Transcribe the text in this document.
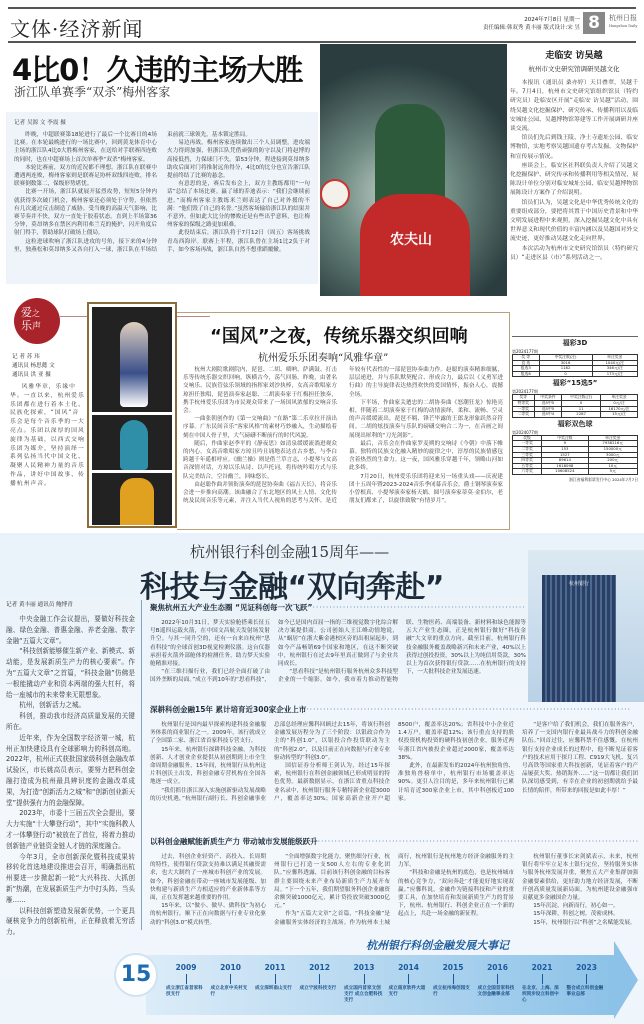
文体·经济新闻	2024年7月8日 星期一
责任编辑:韩双秀 黄丰丽 版式设计:宋 昱 8	杭州日报
Hangzhou Daily
4比0！久违的主场大胜
浙江队单赛季“双杀”梅州客家
记者 吴源 文 李震 摄

昨晚，中超联赛第18轮进行了最后一个比赛日的4场比赛。在本轮最晚进行的一场比赛中，回到黄龙体育中心主场的浙江队4比0大胜梅州客家，在送给对手联赛四连败的同时，也在中超赛场上首次单赛季“双杀”梅州客家。

本轮比赛前，双方的近况都不理想。浙江队在联赛中遭遇两连败，梅州客家则是联赛足协杯双线四连败，排名联赛倒数第二，保级形势堪忧。

比赛一开场，浙江队就展开猛烈攻势，短短5分钟内就获得多次破门机会，梅州客家还必须处于守势，但依然有几次通过反击制造了威胁。受当晚的高温天气影响，比赛节奏并不快，双方一直处于胶着状态。直到上半场第36分钟，莫昂纳多在禁区内利用弗兰克的掩护，闪开角度后射门得手，帮助球队打破场上僵局。

这粒进球吹响了浙江队进攻的号角，接下来的4分钟里，独燕松和莫昂纳多又各自打入一球，浙江队在半场结束前就三球领先，基本锁定胜局。

易边再战，梅州客家连续做出三个人员调整，进攻端火力得到加强，但浙江队凭借顽强的防守以及门将赵博的高接低挡，力保球门不失。第53分钟，程进接到莫昂纳多助攻后面对门将推射远角得分，4比0的比分也宣告浙江队提前终结了比赛的悬念。

有意思的是，赛后发布会上，双方主教练都用“一句话”总结了本场比赛。赢了球的乔迪表示：“我们会继续前进。”而梅州客家主教练米兰则表达了自己对外援的不满：“他们毁了自己的名誉。”虽然客场输给浙江队的结果并不意外，但如此大比分的惨败还是有些出乎意料，也让梅州客家的保级之路更加艰难。

此役结束后，浙江队将于7月12日（周五）客场挑战青岛西海岸。联赛上半程，浙江队曾在主场1比2负于对手，如今客场再战，浙江队自然不想重蹈覆辙。

农夫山
走临安 访吴越
杭州市文史研究馆调研吴越文化

本报讯（通讯员 桑亦婷）天目叠翠，吴越千年。7月4日，杭州市文史研究馆组织馆员（特约研究员）赴临安区开展“走临安 访吴越”活动，围绕吴越文化挖掘保护、研究传承、传播利用以及临安城址公园、吴越博物馆筹建等工作开展调研并座谈交流。

馆员们先后到钱王陵、净土寺遗址公园、临安博物馆，实地考察吴越国遗存考古发掘、文物保护和宣传展示情况。

座谈会上，临安区社科联负责人介绍了吴越文化挖掘保护、研究传承和传播利用等相关情况，展陈设计单位分别对临安城址公园、临安吴越博物馆展陈设计方案作了介绍说明。

馆员们认为，吴越文化是中华优秀传统文化的重要组成部分，要把将其置于中国历史背景和中华文明发展进程中来观照，深入挖掘吴越文化中具有世界意义和现代价值的丰富内涵以及吴越国对外交流史迹，更好推动吴越文化走向世界。

本次活动为杭州市文史研究馆馆员（特约研究员）“走进区县（市）”系列活动之一。

福彩3D
第2024177期
奖 等	中奖注数(注)	单注奖金
直 选	3016	1040元/注
组选3	1182	346元/注
组选6	0	173元/注
福彩“15选5”
第2024177期
奖等	中奖条件	中奖注数(注)	单注奖金
特等奖	选5中5	0	0元/注
一等奖	选5中5	11	16170元/注
二等奖	选5中4	2287	15元/注
福彩双色球
第2024077期
奖级	中奖注数	单注奖金
一等奖	9	7938216元
二等奖	153	150000元
三等奖	1527	3000元
四等奖	89614	200元
五等奖	1618098	10元
六等奖	10608524	5元
浙江省福利彩票发行中心 2024年7月7日
爱之
乐声
记 者 苏 玮
通讯员 杨思懿 文
通讯员 洪 亚 摄

风雅华章，乐缘中华。一直以来，杭州爱乐乐团都在进行着本土化、民族化探索，“国风”音乐会是每个音乐季的一大亮点。乐团以深厚的国风旋律为基础，以西式交响乐团为媒介，坚持演绎一系列弘扬当代中国文化、凝聚人民精神力量的音乐作品，讲好中国故事、传播杭州声音。

“国风”之夜，传统乐器交织回响
杭州爱乐乐团奏响“风雅华章”

杭州大剧院歌剧院内，琵琶、二胡、唢呐、萨满鼓、打击乐等传统乐器交织回响，纵横古今，荡气回肠。昨晚，由著名交响乐、民族管弦乐领域的指挥家刘沙执棒，女高音歌唱家方琼担任独唱，琵琶演奏家赵聪、二胡演奏家于红梅担任独奏，携手杭州爱乐乐团为市民观众带来了一场国风浓郁的交响音乐会。

一曲张朝创作的《第一交响曲》“在路”第二乐章拉开演出序幕。广东民间音乐“客家风格”的素材巧妙融入，生动描绘着刻在中国人骨子里，大气磅礴不断前行的时代风貌。

随后，作曲家赵季平的《静夜思》如清泉缓缓流淌进观众的内心。女高音歌唱家方琼且吟且诵地表达直古乡愁，与李白跨越千年遥相呼应。《幽兰操》则是借兰草言志，小提琴与女高音深情对话，方琼以乐从诗、以声托词，将传统吟唱方式与乐队完美结合，空谷幽兰，回味悠长。

由赵聪作曲并领衔演奏的琵琶协奏曲《福吉天长》，将音乐会进一步推向高潮。该曲融合了东北地区的风土人情、文化传统及民间音乐等元素，并注入当代人视角的思考与关怀，是近年较有代表性的一部琵琶协奏曲力作。赵聪的演奏精准细腻，层层递进，并与乐队默契配合、形成合力，最后以《义勇军进行曲》的主导旋律表达热烈欢快的爱国情怀，振奋人心，震撼全场。

下半场，作曲家关廼忠的二胡协奏曲《怒潮狂龙》惊艳亮相。伴随着二胡演奏家于红梅的动情演绎，柔和、流畅、空灵的声音缓缓流出，琵琶不羁、锋芒毕露的王郎龙形象跃然音符间。二胡的炫技演奏与乐队的磅礴交响合二为一，在音画之间展现出犀利的“刀光剑影”。

最后，音乐会在作曲家罗麦朔的交响诗《今朝》中落下帷幕。独特的民族文化融入精妙的旋律之中，淳厚的民族情感包含着热烈的生命力。这一夜，国风雅乐穿越千年，领略山河如此多娇。

7月20日，杭州爱乐乐团将迎来另一场重头戏——庆祝建团十五周年暨2023-2024音乐季闭幕音乐会。爵士钢琴演奏家小曽根真、小提琴演奏家杨天娲、圆号演奏家蒂莫·金伯尔，老朋友们都来了，以旋律致敬“有情岁月”。

杭州银行科创金融15周年——
科技与金融“双向奔赴”	杭州银行
记者 黄丰丽 通讯员 鲍博青

中央金融工作会议提出，要做好科技金融、绿色金融、普惠金融、养老金融、数字金融“五篇大文章”。

“科技创新能够催生新产业、新模式、新动能，是发展新质生产力的核心要素”。作为“五篇大文章”之首篇，“科技金融”仿佛是一根能撬动产业和资本两端的强大杠杆，将给一座城市的未来带来无限想象。

杭州，创新活力之城。

科创，推动我市经济高质量发展的关键所在。

近年来，作为全国数字经济第一城，杭州正加快建设具有全球影响力的科创高地。2022年，杭州正式获批国家级科创金融改革试验区，市长姚高员表示，要努力把科创金融打造成为杭州最具辨识度的金融改革成果，为打造“创新活力之城”和“创新创业新天堂”提供强有力的金融保障。

2023年，市委十三届五次全会提出，要大力实施“十大攀登行动”，其中“实施科教人才一体攀登行动”被放在了首位，将着力推动创新链产业链资金链人才链的深度融合。

今年3月，全市创新深化暨科技成果转移转化首选地建设推进会召开，明确指出杭州要进一步掀起新一轮“大兴科技、大抓创新”热潮，在发展新质生产力中打头阵、当头雁……

以科技创新塑造发展新优势，一个更具硬核竞争力的创新杭州，正在释放着无穷活力。

聚焦杭州五大产业生态圈 “见证科创每一次飞跃” ·····

2022年10月31日，梦天实验舱搭乘长征五号B遥四运载火箭，在中国文昌航天发射场发射升空。与其一同升空的，还有一台来自杭州“思看科技”的全球首创3D视觉检测仪器。这台仪器承担着火箭外部舱体的检测任务，助力梦天实验舱精准对接。

“在三维扫描行业，我们已经全面打破了由国外垄断的局面。”成立不到10年的“思看科技”，如今已是国内首屈一指的三维视觉数字化综合解决方案提供商。公司创始人王江峰动情地说，从“蜗居”在浙大紫金港校区旁的出租屋起步，到如今产品畅销69个国家和地区，在这不断突破中，杭州银行在过去9年里真正做到了与企业共同成长。

“思看科技”是杭州银行服务杭州众多科技型企业的一个缩影。如今，我市着力推动智能物联、生物医药、高端装备、新材料和绿色能源等五大产业生态圈，正是杭州银行做好“科技金融”大文章的重点方向。截至目前，杭州银行科技金融服务覆盖战略新兴和未来产业，40%以上获得过创投投资，30%以上为纯信用贷款，30%以上为首次获得银行贷款……在杭州银行的支持下，一大批科技企业发展迅速。

深耕科创金融15年 累计培育近300家企业上市 ·····

杭州银行是国内最早探索构建科技金融服务体系的商业银行之一。2009年，该行就成立了全国第二家、浙江省首家科技专营支行。

15年来，杭州银行深耕科技金融，为科技创新、人才创业企业提供从初创期到上市全生命周期金融服务。15年间，杭州银行从杭州这片科创沃土出发，科创金融专营机构在全国各地逐一成立。

“我们抓住浙江深入实施创新驱动发展战略的历史机遇，”杭州银行副行长、科创金融事业总部总经理应馨科回顾过去15年，将该行科创金融发展历程分为了三个阶段：以银政合作为主的“科创1.0”，以银投合作投贷联动为主的“科创2.0”，以及目前正在向数据与行业专业驱动转型的“科创3.0”。

国信证券分析师王剑认为，经过15年探索，杭州银行在科创金融领域已形成明显的特色优势。最新数据显示，在浙江省重点科技企业名录中，杭州银行服务专精特新企业超3000户，覆盖率达30%；国家高新企业开户超8500户，覆盖率达20%；省科技中小企业近1.4万户，覆盖率超12%；该行重点支持的股权投资机构投资的硬科技初创企业，服务近两年浙江省内被投企业超过2000家，覆盖率达38%。

此外，在最新发布的2024年杭州独角兽、准独角兽榜单中，杭州银行市场覆盖率达90%。更引人注目的是，多年来杭州银行已累计培育近300家企业上市，其中科创板近100家。

“是客户给了我们机会，我们在服务客户，培养了一支国内银行业最具战斗力的科创金融队伍。”回首过往，应馨科禁不住感慨。在杭州银行支持企业成长的过程中，他不断见证着客户的技术应用于探月工程、C919大飞机、复兴号高铁等国家重大科技创新，见证着客户的产品屡获大奖、热销海外……“这一切都让我们团队深切感受到，有幸在企业的初创期就给予最长情的陪伴，所带来的回报是如此丰厚！”

以科创金融赋能新质生产力 带动城市发展能级跃升 ·····

过去，科创企业轻资产、高投入、长周期的特性，使得银行贷款支持难以满足其融资需求，也大大制约了一座城市科创产业的发展。如今，科创金融在带动一座城市发展能级、加快构建与新质生产力相适应的产业新体系等方面，正在发挥越来越重要的作用。

15年来，以“做小、做早、做科技”为初心的杭州银行，顺下正在向数据与行业专业化驱动的“科创3.0”模式转型。

“全面增强数字化能力，聚焦细分行业，杭州银行已打造一支500人左右的专业化团队。”应馨科透露，目前该行科创金融的目标客群主要围绕未来产业布局新质生产力展开布局。“下一个五年，我们期望服务科创企业融资余额突破1000亿元，累计贷投放突破3000亿元。”

作为“五篇大文章”之首篇，“科技金融”是金融服务实体经济的主战场。作为杭州本土城商行，杭州银行是杭州地方经济金融服务的主力军。

“科技和金融是杭州的底色，也是杭州城市的核心竞争力，‘双向奔赴’才能更好地实现双赢。”应馨科说，金融作为链接科技和产业的重要工具，在加快培育和发展新质生产力的背景下，杭州、杭州银行、科创企业正在一个新的起点上，共赴一场金融的新征程。

杭州银行董事长宋剑斌表示，未来，杭州银行将牢牢立足本土银行定位，坚持服务实体与服务杭州发展并重，聚焦五大产业集群加强金融要素供给，更好助力地方经济发展，不断开创高质量发展新局面，为杭州建设金融强市贡献更多金融国企力量。

15年沉淀，向新而行，初心如一。

15年深耕，科创之树，茂密成林。

15年，杭州银行以“科创”之名赋能发展。

杭州银行科创金融发展大事记
15	2009
成立浙江省首家科技支行
2010
成立北京中关村支行
2011
成立深圳南山支行
2012
成立宁波科技支行
2013
成立国内首家文创支行 成立合肥科技支行
2014
成立南京软件大道支行
2015
成立杭州海创园支行
2016
成立全国首家科技文创金融事业部
2021
在北京、上海、深圳同步设立科创中心
2023
整合成立科创金融事业总部
